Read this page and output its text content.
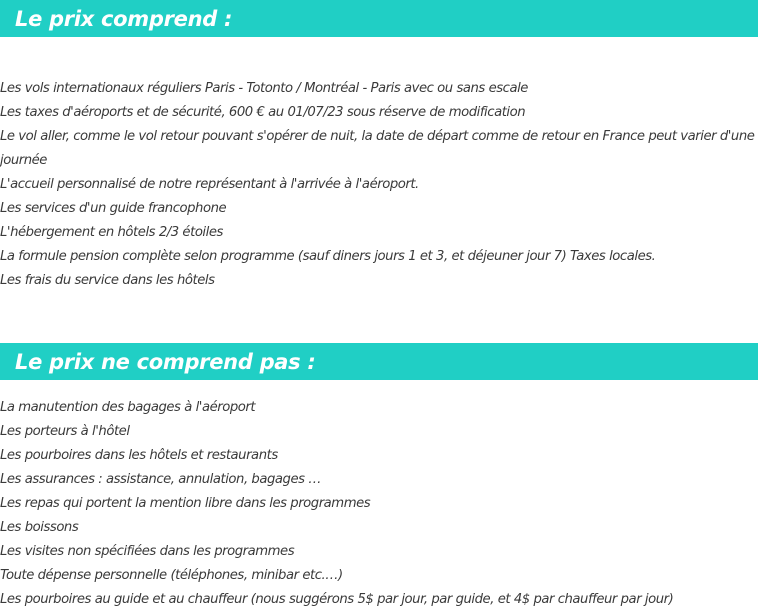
Le prix comprend :
Les vols internationaux réguliers Paris - Totonto / Montréal - Paris avec ou sans escale
Les taxes d'aéroports et de sécurité, 600 € au 01/07/23 sous réserve de modification
Le vol aller, comme le vol retour pouvant s'opérer de nuit, la date de départ comme de retour en France peut varier d'une journée
L'accueil personnalisé de notre représentant à l'arrivée à l'aéroport.
Les services d'un guide francophone
L'hébergement en hôtels 2/3 étoiles
La formule pension complète selon programme (sauf diners jours 1 et 3, et déjeuner jour 7) Taxes locales.
Les frais du service dans les hôtels
Le prix ne comprend pas :
La manutention des bagages à l'aéroport
Les porteurs à l'hôtel
Les pourboires dans les hôtels et restaurants
Les assurances : assistance, annulation, bagages …
Les repas qui portent la mention libre dans les programmes
Les boissons
Les visites non spécifiées dans les programmes
Toute dépense personnelle (téléphones, minibar etc.…)
Les pourboires au guide et au chauffeur (nous suggérons 5$ par jour, par guide, et 4$ par chauffeur par jour)
